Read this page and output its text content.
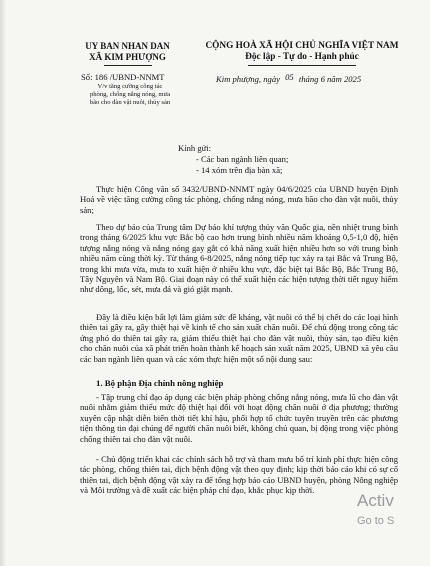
UY BAN NHAN DAN
XÃ KIM PHƯỢNG
CỘNG HOÀ XÃ HỘI CHỦ NGHĨA VIỆT NAM
Độc lập - Tự do - Hạnh phúc
Số: 186 /UBND-NNMT
V/v tăng cường công tác
phòng, chống nắng nóng, mưa
bão cho đàn vật nuôi, thủy sản
Kim phượng, ngày 05 tháng 6 năm 2025
Kính gửi:
- Các ban ngành liên quan;
- 14 xóm trên địa bàn xã;

Thực hiện Công văn số 3432/UBND-NNMT ngày 04/6/2025 của UBND huyện Định Hoá về việc tăng cường công tác phòng, chống nắng nóng, mưa bão cho đàn vật nuôi, thủy sản;

Theo dự báo của Trung tâm Dự báo khí tượng thủy văn Quốc gia, nền nhiệt trung bình trong tháng 6/2025 khu vực Bắc bộ cao hơn trung bình nhiều năm khoảng 0,5-1,0 độ, hiện tượng nắng nóng và nắng nóng gay gắt có khả năng xuất hiện nhiều hơn so với trung bình nhiều năm cùng thời kỳ. Từ tháng 6-8/2025, nắng nóng tiếp tục xảy ra tại Bắc và Trung Bộ, trong khi mưa vừa, mưa to xuất hiện ở nhiều khu vực, đặc biệt tại Bắc Bộ, Bắc Trung Bộ, Tây Nguyên và Nam Bộ. Giai đoạn này có thể xuất hiện các hiện tượng thời tiết nguy hiểm như dông, lốc, sét, mưa đá và gió giật mạnh.

Đây là điều kiện bất lợi làm giảm sức đề kháng, vật nuôi có thể bị chết do các loại hình thiên tai gây ra, gây thiệt hại về kinh tế cho sản xuất chăn nuôi. Để chủ động trong công tác ứng phó do thiên tai gây ra, giảm thiểu thiệt hại cho đàn vật nuôi, thủy sản, tạo điều kiện cho chăn nuôi của xã phát triển hoàn thành kế hoạch sản xuất năm 2025, UBND xã yêu cầu các ban ngành liên quan và các xóm thực hiện một số nội dung sau:

1. Bộ phận Địa chính nông nghiệp

- Tập trung chỉ đạo áp dụng các biện pháp phòng chống nắng nóng, mưa lũ cho đàn vật nuôi nhằm giảm thiểu mức độ thiệt hại đối với hoạt động chăn nuôi ở địa phương; thường xuyên cập nhật diễn biến thời tiết khí hậu, phối hợp tổ chức tuyên truyền trên các phương tiện thông tin đại chúng để người chăn nuôi biết, không chủ quan, bị động trong việc phòng chống thiên tai cho đàn vật nuôi.

- Chủ động triển khai các chính sách hỗ trợ và tham mưu bố trí kinh phí thực hiện công tác phòng, chống thiên tai, dịch bệnh động vật theo quy định; kịp thời báo cáo khi có sự cố thiên tai, dịch bệnh động vật xảy ra để tổng hợp báo cáo UBND huyện, phòng Nông nghiệp và Môi trường và đề xuất các biện pháp chỉ đạo, khắc phục kịp thời.

Activ
Go to S
